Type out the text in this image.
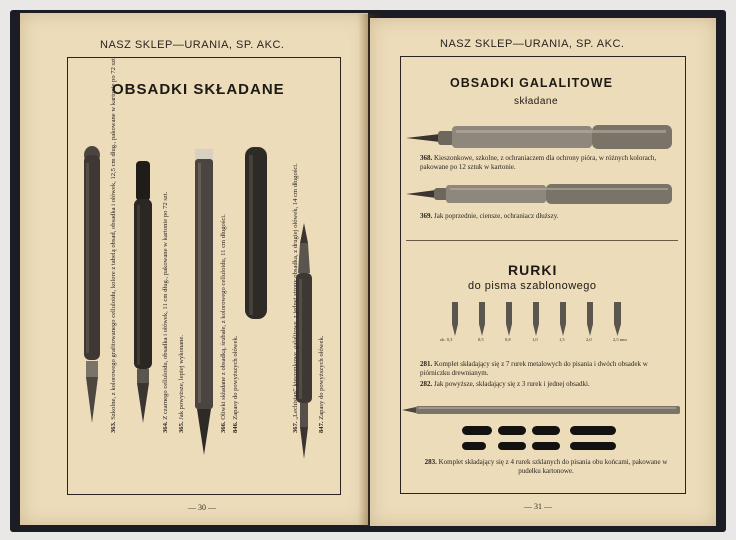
NASZ SKLEP—URANIA, SP. AKC.
OBSADKI SKŁADANE
363. Szkolne, z kolorowego grafitowanego celluloidu, kolore z tabelą obsad, obsadka i ołówek, 12,5 cm dług., pakowane w kartonie po 72 szt.
364. Z czarnego celluloidu, obsadka i ołówek, 11 cm dług., pakowane w kartonie po 72 szt.
365. Jak powyższe, lepiej wykonane.
366. Oliwki składane z obsadką, śrubałe, z kolorowego celluloidu, 11 cm długości.
846. Zapasy do powyższych ołówek.
367. „Lechistan” kieszonkowe, galalitowe, z jednej strony obsadka, z drugiej ołówek, 14 cm długości.
847. Zapasy do powyższych ołówek.
— 30 —
NASZ SKLEP—URANIA, SP. AKC.
OBSADKI GALALITOWE
składane
368. Kieszonkowe, szkolne, z ochraniaczem dla ochrony pióra, w różnych kolorach, pakowane po 12 sztuk w kartonie.
369. Jak poprzednie, ciensze, ochraniacz dłuższy.
RURKI
do pisma szablonowego
ok. 0,3	0,5	0,8	1,0	1,5	2,0	2,5 mm
281. Komplet składający się z 7 rurek metalowych do pisania i dwóch obsadek w piórniczku drewnianym.
282. Jak powyższe, składający się z 3 rurek i jednej obsadki.
283. Komplet składający się z 4 rurek szklanych do pisania obu końcami, pakowane w pudełku kartonowe.
— 31 —
